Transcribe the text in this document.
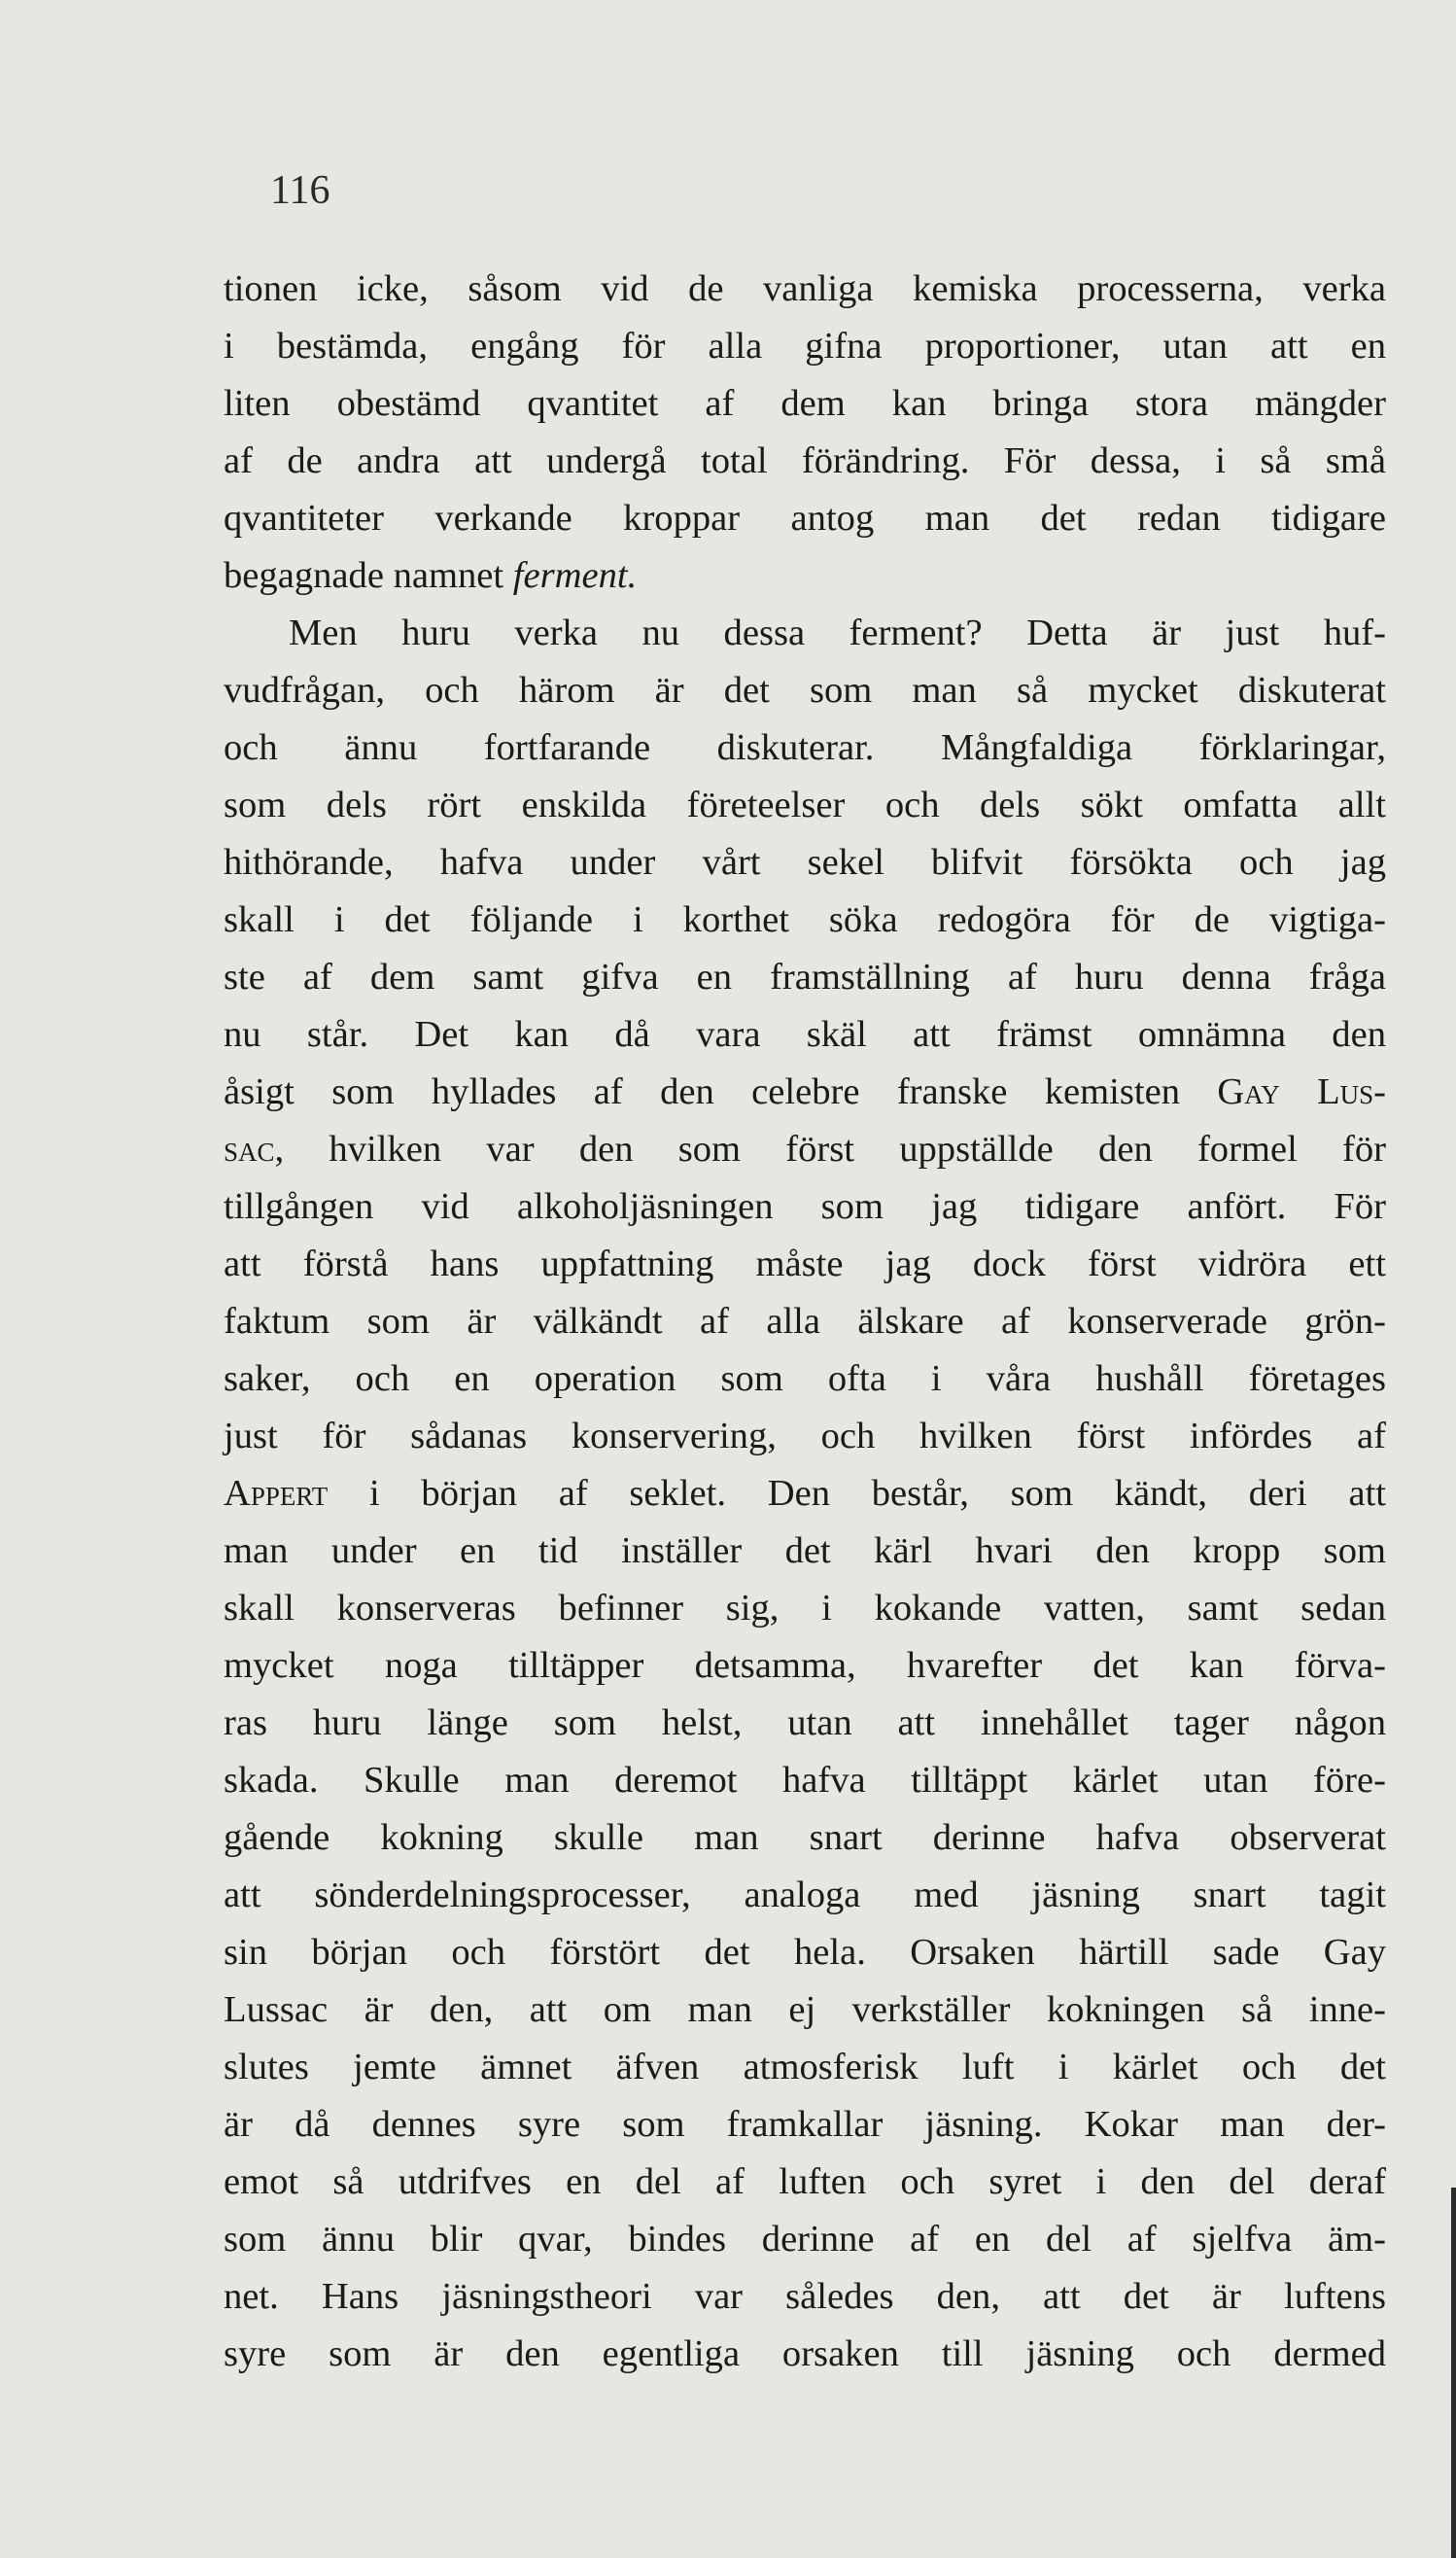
116
tionen icke, såsom vid de vanliga kemiska processerna, verka
i bestämda, engång för alla gifna proportioner, utan att en
liten obestämd qvantitet af dem kan bringa stora mängder
af de andra att undergå total förändring. För dessa, i så små
qvantiteter verkande kroppar antog man det redan tidigare
begagnade namnet ferment.
Men huru verka nu dessa ferment? Detta är just huf-
vudfrågan, och härom är det som man så mycket diskuterat
och ännu fortfarande diskuterar. Mångfaldiga förklaringar,
som dels rört enskilda företeelser och dels sökt omfatta allt
hithörande, hafva under vårt sekel blifvit försökta och jag
skall i det följande i korthet söka redogöra för de vigtiga-
ste af dem samt gifva en framställning af huru denna fråga
nu står. Det kan då vara skäl att främst omnämna den
åsigt som hyllades af den celebre franske kemisten Gay Lus-
sac, hvilken var den som först uppställde den formel för
tillgången vid alkoholjäsningen som jag tidigare anfört. För
att förstå hans uppfattning måste jag dock först vidröra ett
faktum som är välkändt af alla älskare af konserverade grön-
saker, och en operation som ofta i våra hushåll företages
just för sådanas konservering, och hvilken först infördes af
Appert i början af seklet. Den består, som kändt, deri att
man under en tid inställer det kärl hvari den kropp som
skall konserveras befinner sig, i kokande vatten, samt sedan
mycket noga tilltäpper detsamma, hvarefter det kan förva-
ras huru länge som helst, utan att innehållet tager någon
skada. Skulle man deremot hafva tilltäppt kärlet utan före-
gående kokning skulle man snart derinne hafva observerat
att sönderdelningsprocesser, analoga med jäsning snart tagit
sin början och förstört det hela. Orsaken härtill sade Gay
Lussac är den, att om man ej verkställer kokningen så inne-
slutes jemte ämnet äfven atmosferisk luft i kärlet och det
är då dennes syre som framkallar jäsning. Kokar man der-
emot så utdrifves en del af luften och syret i den del deraf
som ännu blir qvar, bindes derinne af en del af sjelfva äm-
net. Hans jäsningstheori var således den, att det är luftens
syre som är den egentliga orsaken till jäsning och dermed
